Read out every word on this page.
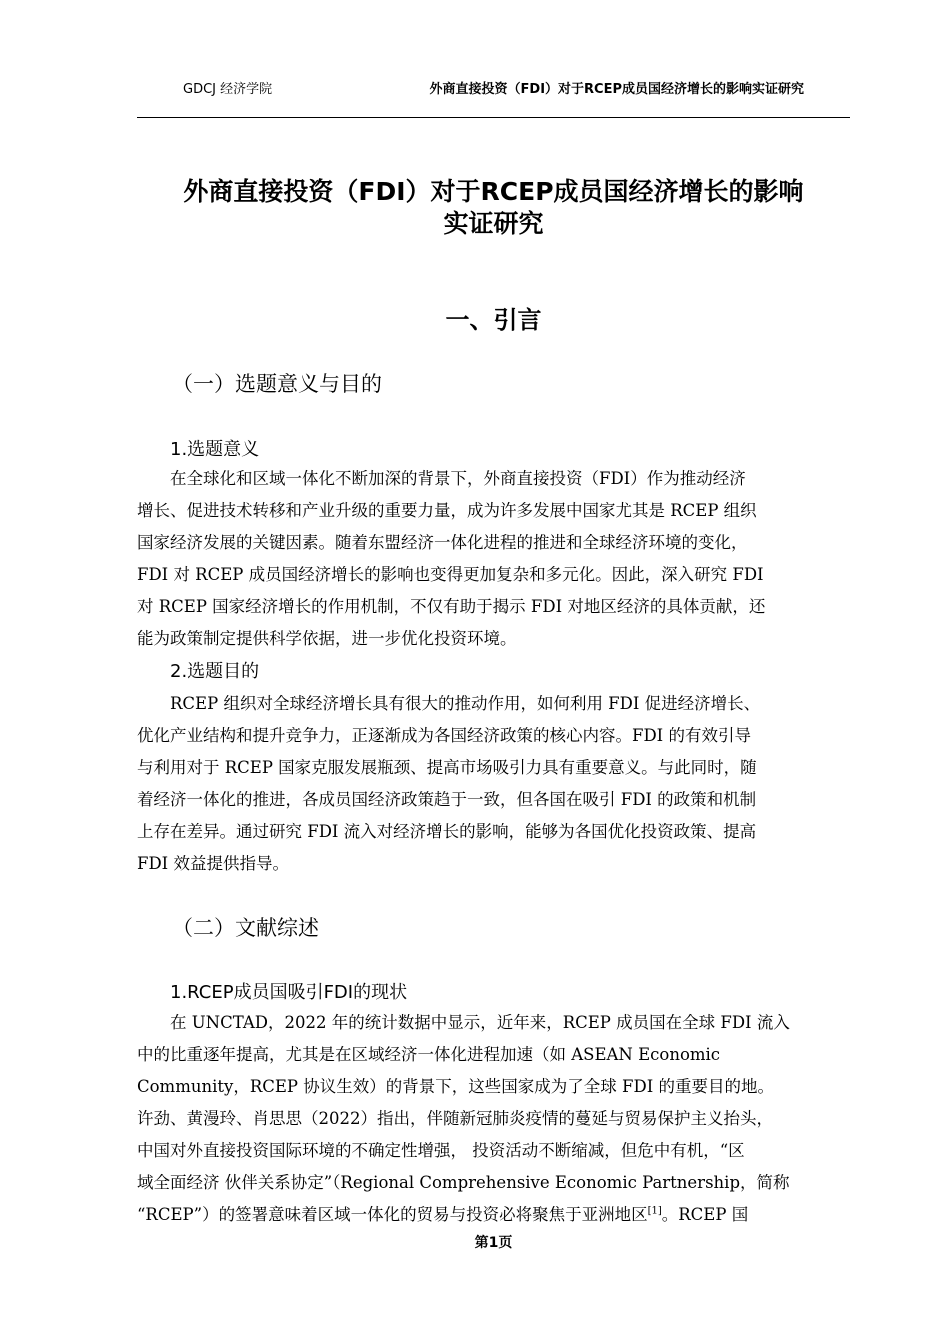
GDCJ 经济学院	外商直接投资（FDI）对于RCEP成员国经济增长的影响实证研究
外商直接投资（FDI）对于RCEP成员国经济增长的影响
实证研究
一、引言
（一）选题意义与目的
1.选题意义
在全球化和区域一体化不断加深的背景下，外商直接投资（FDI）作为推动经济
增长、促进技术转移和产业升级的重要力量，成为许多发展中国家尤其是 RCEP 组织
国家经济发展的关键因素。随着东盟经济一体化进程的推进和全球经济环境的变化，
FDI 对 RCEP 成员国经济增长的影响也变得更加复杂和多元化。因此，深入研究 FDI
对 RCEP 国家经济增长的作用机制，不仅有助于揭示 FDI 对地区经济的具体贡献，还
能为政策制定提供科学依据，进一步优化投资环境。
2.选题目的
RCEP 组织对全球经济增长具有很大的推动作用，如何利用 FDI 促进经济增长、
优化产业结构和提升竞争力，正逐渐成为各国经济政策的核心内容。FDI 的有效引导
与利用对于 RCEP 国家克服发展瓶颈、提高市场吸引力具有重要意义。与此同时，随
着经济一体化的推进，各成员国经济政策趋于一致，但各国在吸引 FDI 的政策和机制
上存在差异。通过研究 FDI 流入对经济增长的影响，能够为各国优化投资政策、提高
FDI 效益提供指导。
（二）文献综述
1.RCEP成员国吸引FDI的现状
在 UNCTAD，2022 年的统计数据中显示，近年来，RCEP 成员国在全球 FDI 流入
中的比重逐年提高，尤其是在区域经济一体化进程加速（如 ASEAN Economic
Community，RCEP 协议生效）的背景下，这些国家成为了全球 FDI 的重要目的地。
许劲、黄漫玲、肖思思（2022）指出，伴随新冠肺炎疫情的蔓延与贸易保护主义抬头，
中国对外直接投资国际环境的不确定性增强， 投资活动不断缩减，但危中有机，“区
域全面经济 伙伴关系协定”（Regional Comprehensive Economic Partnership，简称
“RCEP”）的签署意味着区域一体化的贸易与投资必将聚焦于亚洲地区[1]。RCEP 国
第1页
